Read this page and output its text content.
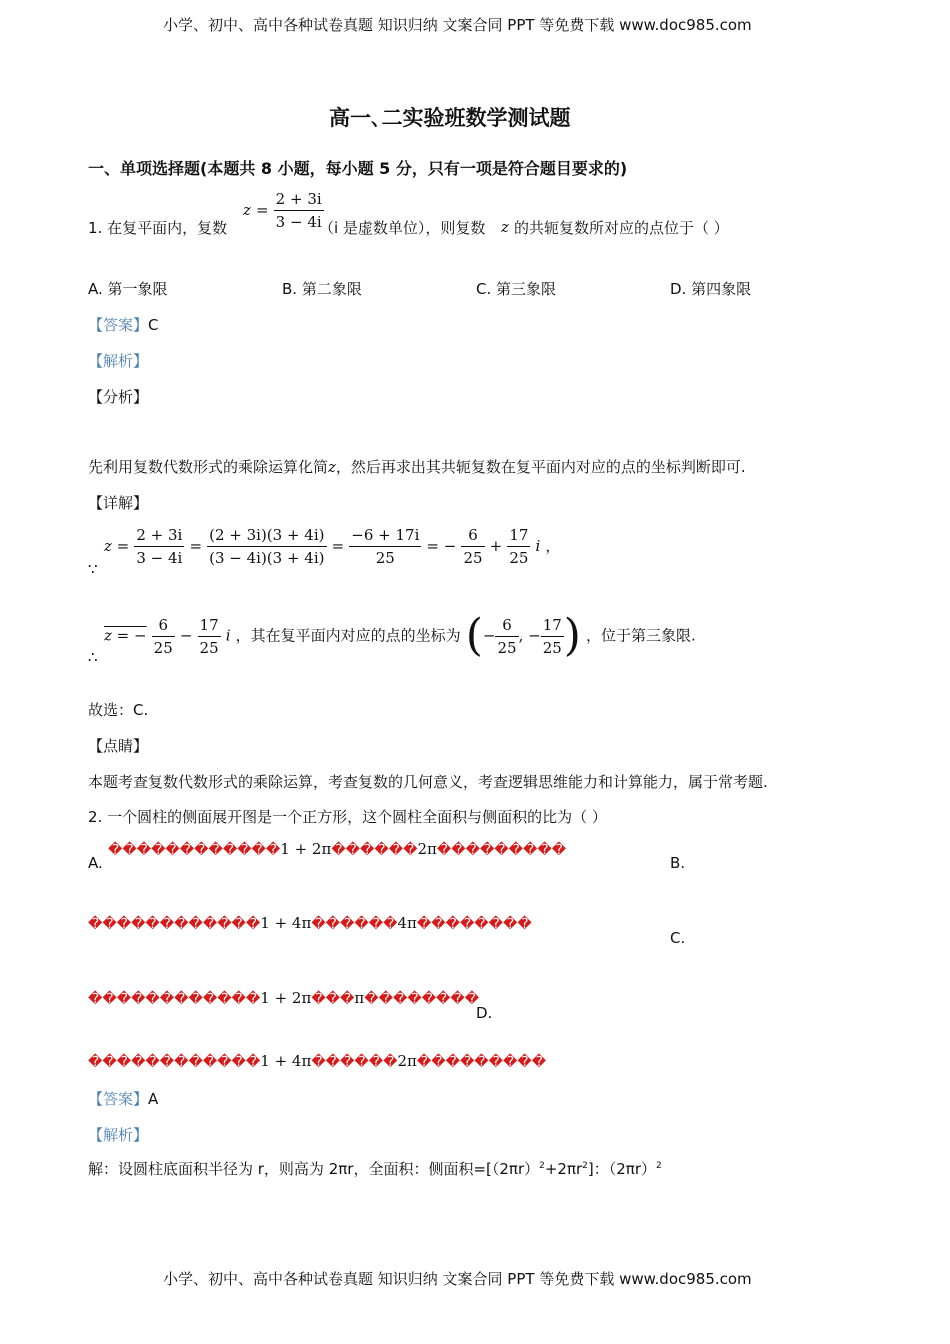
小学、初中、高中各种试卷真题 知识归纳 文案合同 PPT 等免费下载 www.doc985.com
小学、初中、高中各种试卷真题 知识归纳 文案合同 PPT 等免费下载 www.doc985.com
高一､二实验班数学测试题
一、单项选择题(本题共 8 小题，每小题 5 分，只有一项是符合题目要求的)
1. 在复平面内，复数
$z = \frac{2 + 3i}{3 - 4i}$
（i 是虚数单位），则复数 z 的共轭复数所对应的点位于（ ）
A. 第一象限	B. 第二象限	C. 第三象限	D. 第四象限
【答案】C
【解析】
【分析】
先利用复数代数形式的乘除运算化简z，然后再求出其共轭复数在复平面内对应的点的坐标判断即可.
【详解】
∵
$z = \frac{2 + 3i}{3 - 4i} = \frac{(2 + 3i)(3 + 4i)}{(3 - 4i)(3 + 4i)} = \frac{-6 + 17i}{25}$ = − $\frac{6}{25} + \frac{17}{25}$ i ，
∴
z = − $\frac{6}{25} - \frac{17}{25}$ i ，其在复平面内对应的点的坐标为 (− $\frac{6}{25}$ , − $\frac{17}{25}$ ) ，位于第三象限.
故选：C.
【点睛】
本题考查复数代数形式的乘除运算，考查复数的几何意义，考查逻辑思维能力和计算能力，属于常考题.
2. 一个圆柱的侧面展开图是一个正方形，这个圆柱全面积与侧面积的比为（ ）
A.
������������1 + 2π������2π���������
B.
������������1 + 4π������4π��������
C.
������������1 + 2π���π��������
D.
������������1 + 4π������2π���������
【答案】A
【解析】
解：设圆柱底面积半径为 r，则高为 2πr，全面积：侧面积$=[(2\pi r)^2+2\pi r^2]$：$(2\pi r)^2$
